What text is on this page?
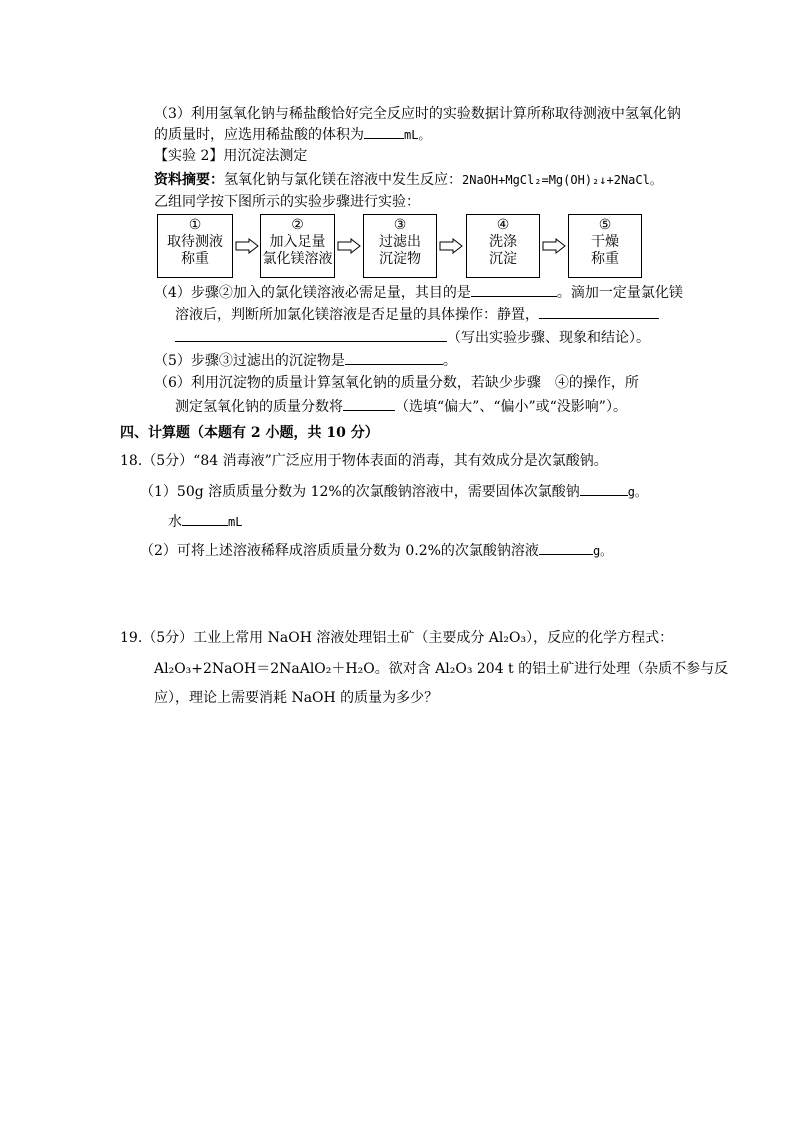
（3）利用氢氧化钠与稀盐酸恰好完全反应时的实验数据计算所称取待测液中氢氧化钠
的质量时，应选用稀盐酸的体积为	mL。
【实验 2】用沉淀法测定
资料摘要：氢氧化钠与氯化镁在溶液中发生反应：2NaOH+MgCl₂=Mg(OH)₂↓+2NaCl。
乙组同学按下图所示的实验步骤进行实验：
①
取待测液
称重
②
加入足量
氯化镁溶液
③
过滤出
沉淀物
④
洗涤
沉淀
⑤
干燥
称重
（4）步骤②加入的氯化镁溶液必需足量，其目的是	。滴加一定量氯化镁
溶液后，判断所加氯化镁溶液是否足量的具体操作：静置，
（写出实验步骤、现象和结论）。
（5）步骤③过滤出的沉淀物是	。
（6）利用沉淀物的质量计算氢氧化钠的质量分数，若缺少步骤　④的操作，所
测定氢氧化钠的质量分数将	（选填“偏大”、“偏小”或“没影响”）。
四、计算题（本题有 2 小题，共 10 分）
18.（5分）“84 消毒液”广泛应用于物体表面的消毒，其有效成分是次氯酸钠。
（1）50g 溶质质量分数为 12%的次氯酸钠溶液中，需要固体次氯酸钠	g。
水	mL
（2）可将上述溶液稀释成溶质质量分数为 0.2%的次氯酸钠溶液	g。
19.（5分）工业上常用 NaOH 溶液处理铝土矿（主要成分 Al₂O₃），反应的化学方程式：
Al₂O₃+2NaOH＝2NaAlO₂＋H₂O。欲对含 Al₂O₃ 204 t 的铝土矿进行处理（杂质不参与反
应），理论上需要消耗 NaOH 的质量为多少？
